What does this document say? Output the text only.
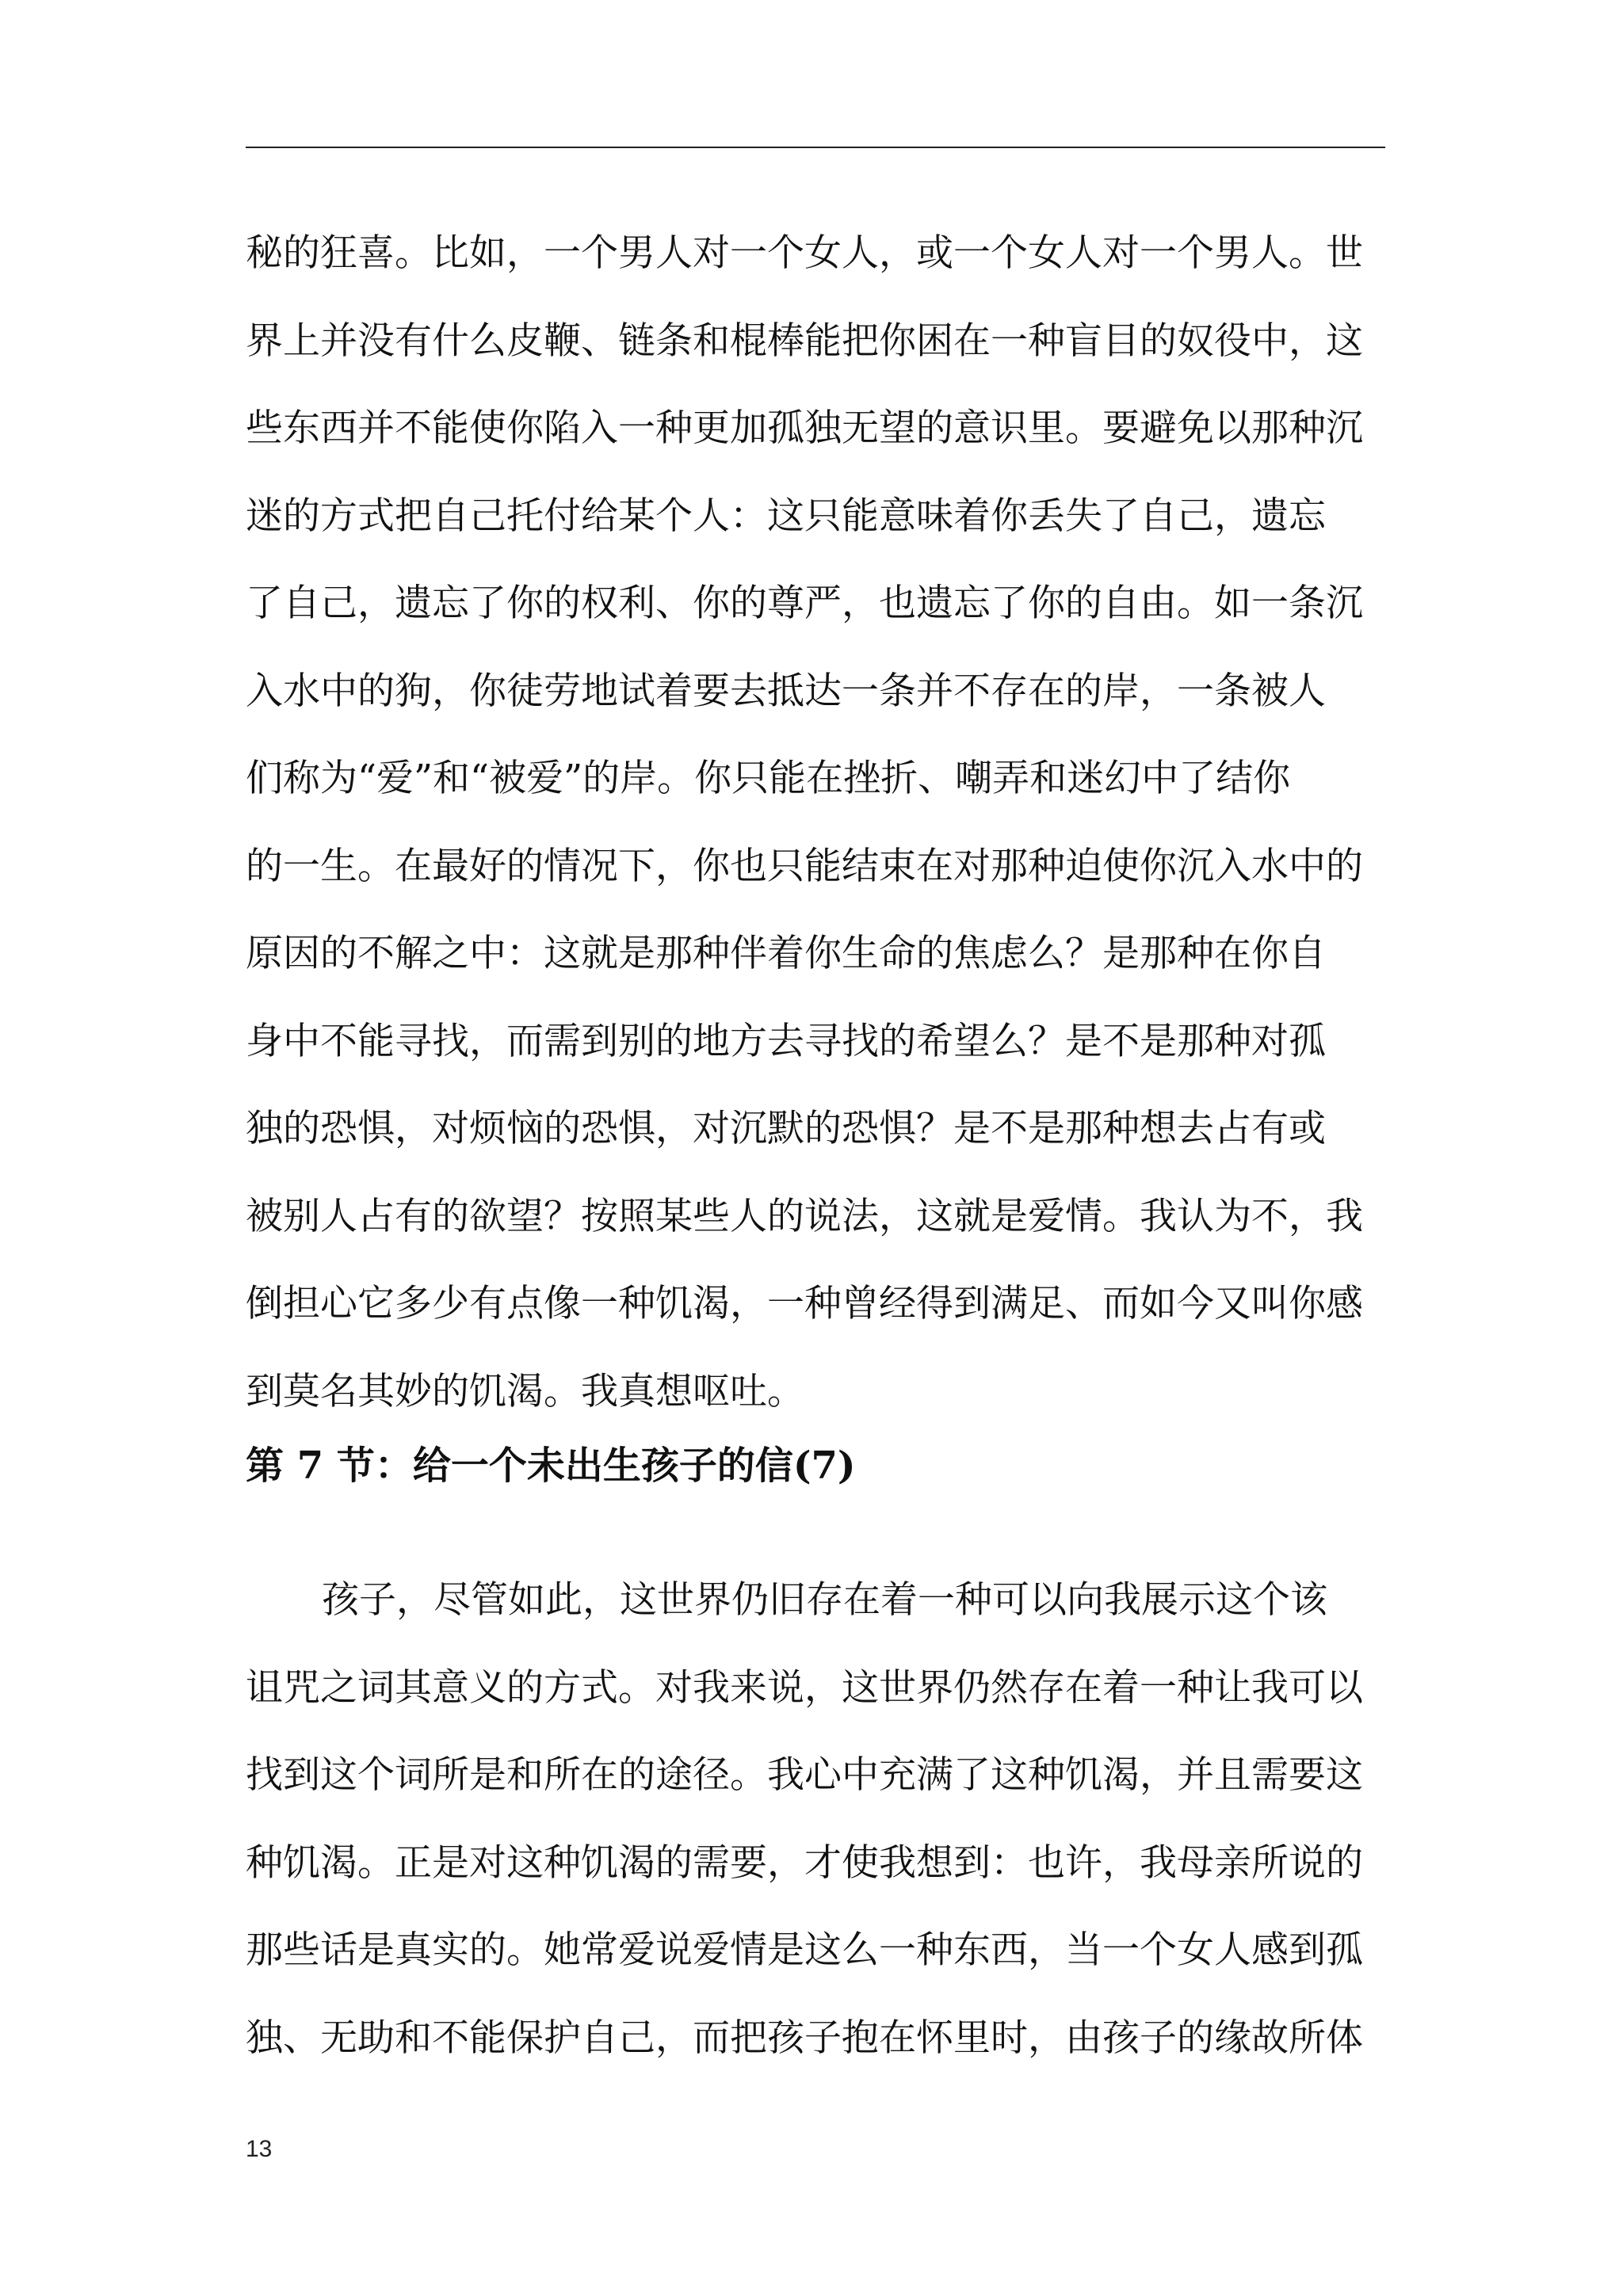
秘的狂喜。比如，一个男人对一个女人，或一个女人对一个男人。世
界上并没有什么皮鞭、链条和棍棒能把你困在一种盲目的奴役中，这
些东西并不能使你陷入一种更加孤独无望的意识里。要避免以那种沉
迷的方式把自己托付给某个人：这只能意味着你丢失了自己，遗忘
了自己，遗忘了你的权利、你的尊严，也遗忘了你的自由。如一条沉
入水中的狗，你徒劳地试着要去抵达一条并不存在的岸，一条被人
们称为“爱”和“被爱”的岸。你只能在挫折、嘲弄和迷幻中了结你
的一生。在最好的情况下，你也只能结束在对那种迫使你沉入水中的
原因的不解之中：这就是那种伴着你生命的焦虑么？是那种在你自
身中不能寻找，而需到别的地方去寻找的希望么？是不是那种对孤
独的恐惧，对烦恼的恐惧，对沉默的恐惧？是不是那种想去占有或
被别人占有的欲望？按照某些人的说法，这就是爱情。我认为不，我
倒担心它多少有点像一种饥渴，一种曾经得到满足、而如今又叫你感
到莫名其妙的饥渴。我真想呕吐。
第 7 节：给一个未出生孩子的信(7)
孩子，尽管如此，这世界仍旧存在着一种可以向我展示这个该
诅咒之词其意义的方式。对我来说，这世界仍然存在着一种让我可以
找到这个词所是和所在的途径。我心中充满了这种饥渴，并且需要这
种饥渴。正是对这种饥渴的需要，才使我想到：也许，我母亲所说的
那些话是真实的。她常爱说爱情是这么一种东西，当一个女人感到孤
独、无助和不能保护自己，而把孩子抱在怀里时，由孩子的缘故所体
13
